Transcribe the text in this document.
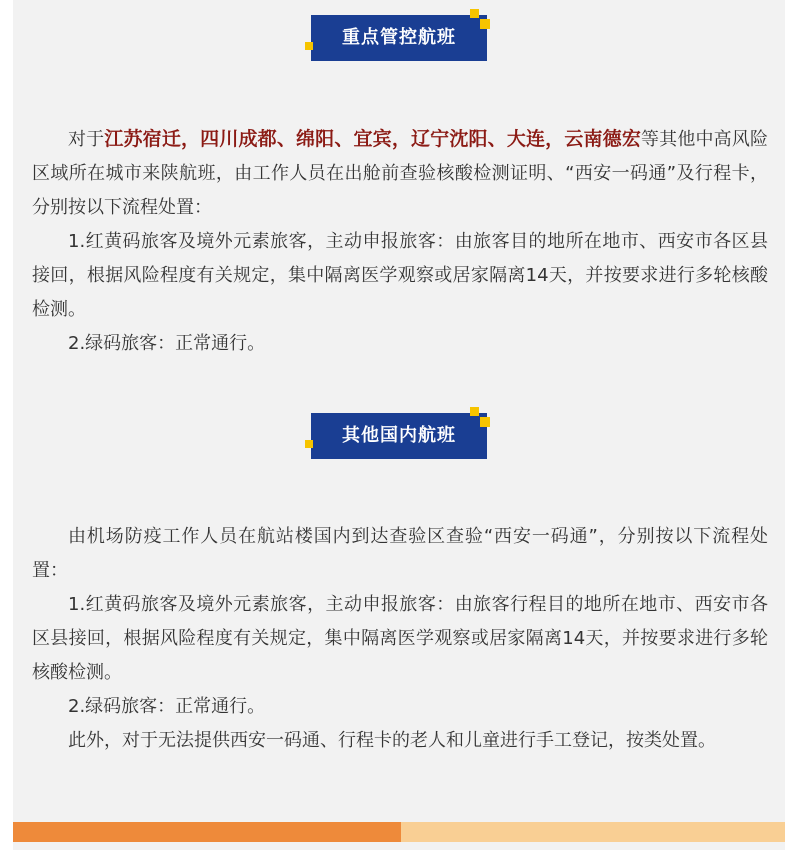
重点管控航班

对于江苏宿迁，四川成都、绵阳、宜宾，辽宁沈阳、大连，云南德宏等其他中高风险区域所在城市来陕航班，由工作人员在出舱前查验核酸检测证明、“西安一码通”及行程卡，分别按以下流程处置：

1.红黄码旅客及境外元素旅客，主动申报旅客：由旅客目的地所在地市、西安市各区县接回，根据风险程度有关规定，集中隔离医学观察或居家隔离14天，并按要求进行多轮核酸检测。

2.绿码旅客：正常通行。

其他国内航班

由机场防疫工作人员在航站楼国内到达查验区查验“西安一码通”，分别按以下流程处置：

1.红黄码旅客及境外元素旅客，主动申报旅客：由旅客行程目的地所在地市、西安市各区县接回，根据风险程度有关规定，集中隔离医学观察或居家隔离14天，并按要求进行多轮核酸检测。

2.绿码旅客：正常通行。

此外，对于无法提供西安一码通、行程卡的老人和儿童进行手工登记，按类处置。
